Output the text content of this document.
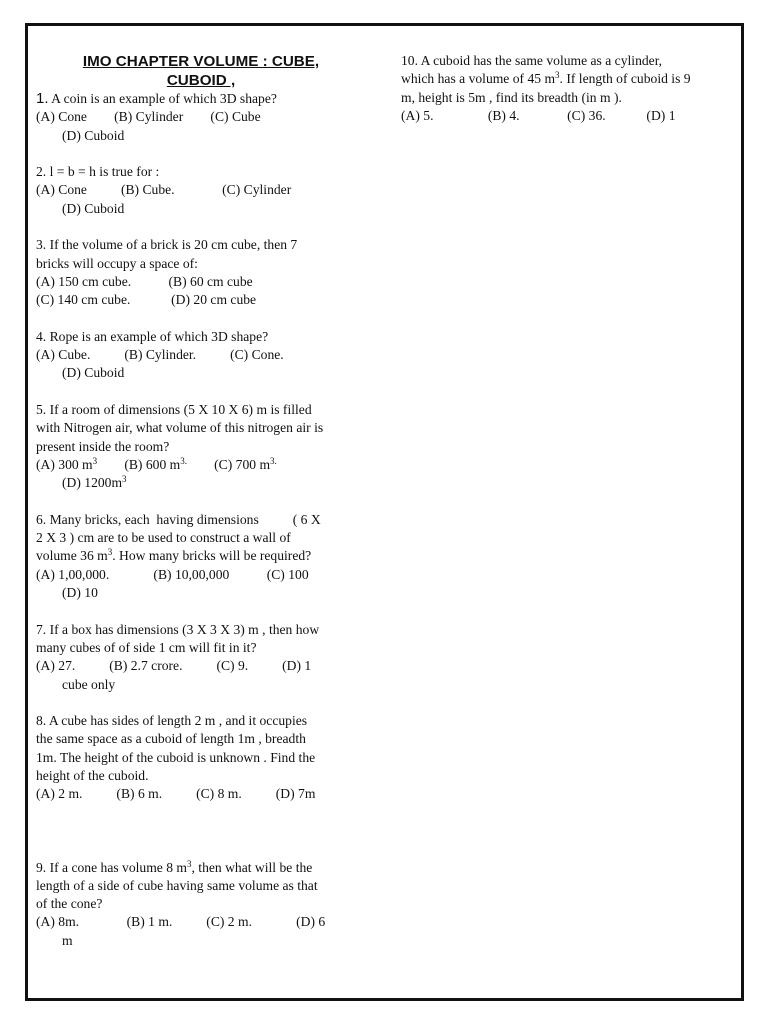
IMO CHAPTER VOLUME : CUBE,
CUBOID ,
1. A coin is an example of which 3D shape?
(A) Cone        (B) Cylinder        (C) Cube
(D) Cuboid
2. l = b = h is true for :
(A) Cone          (B) Cube.              (C) Cylinder
(D) Cuboid
3. If the volume of a brick is 20 cm cube, then 7
bricks will occupy a space of:
(A) 150 cm cube.           (B) 60 cm cube
(C) 140 cm cube.            (D) 20 cm cube
4. Rope is an example of which 3D shape?
(A) Cube.          (B) Cylinder.          (C) Cone.
(D) Cuboid
5. If a room of dimensions (5 X 10 X 6) m is filled
with Nitrogen air, what volume of this nitrogen air is
present inside the room?
(A) 300 $m^3$        (B) 600 $m^{3.}$        (C) 700 $m^{3.}$
(D) $1200m^3$
6. Many bricks, each  having dimensions          ( 6 X
2 X 3 ) cm are to be used to construct a wall of
volume 36 $m^3$. How many bricks will be required?
(A) 1,00,000.             (B) 10,00,000           (C) 100
(D) 10
7. If a box has dimensions (3 X 3 X 3) m , then how
many cubes of of side 1 cm will fit in it?
(A) 27.          (B) 2.7 crore.          (C) 9.          (D) 1
cube only
8. A cube has sides of length 2 m , and it occupies
the same space as a cuboid of length 1m , breadth
1m. The height of the cuboid is unknown . Find the
height of the cuboid.
(A) 2 m.          (B) 6 m.          (C) 8 m.          (D) 7m
9. If a cone has volume 8 $m^3$, then what will be the
length of a side of cube having same volume as that
of the cone?
(A) 8m.              (B) 1 m.          (C) 2 m.             (D) 6
m
10. A cuboid has the same volume as a cylinder,
which has a volume of 45 $m^3$. If length of cuboid is 9
m, height is 5m , find its breadth (in m ).
(A) 5.                (B) 4.              (C) 36.            (D) 1
